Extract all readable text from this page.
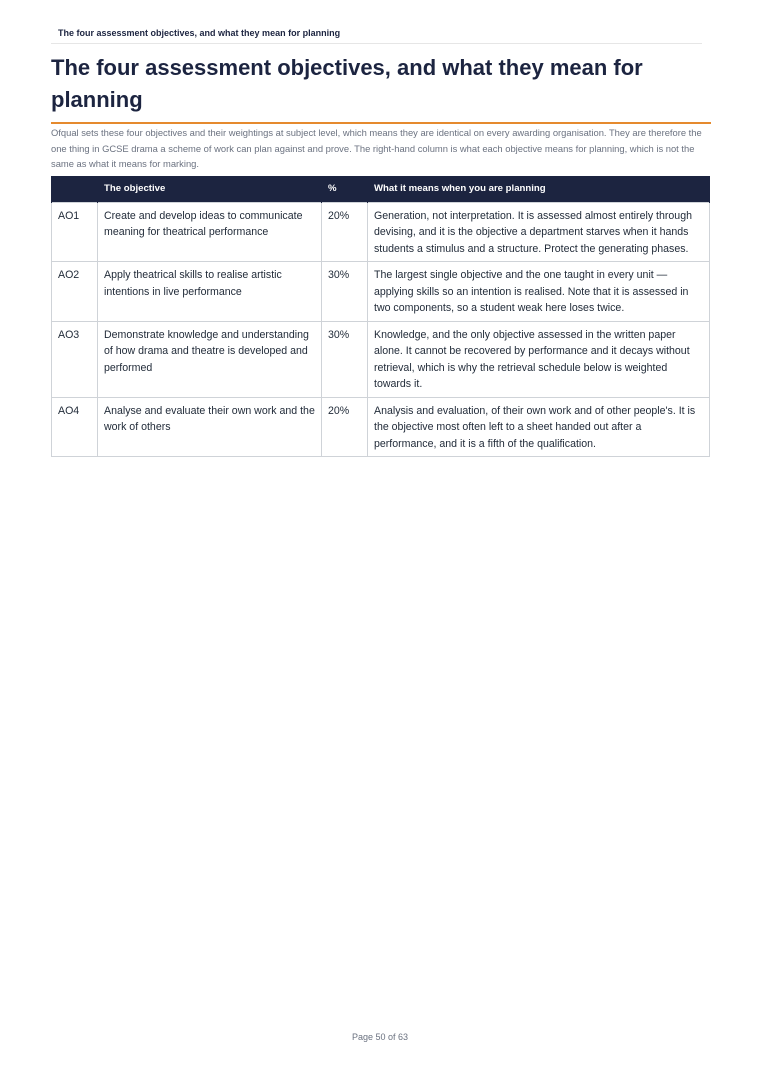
The four assessment objectives, and what they mean for planning
The four assessment objectives, and what they mean for planning

Ofqual sets these four objectives and their weightings at subject level, which means they are identical on every awarding organisation. They are therefore the one thing in GCSE drama a scheme of work can plan against and prove. The right-hand column is what each objective means for planning, which is not the same as what it means for marking.

	The objective	%	What it means when you are planning
AO1	Create and develop ideas to communicate meaning for theatrical performance	20%	Generation, not interpretation. It is assessed almost entirely through devising, and it is the objective a department starves when it hands students a stimulus and a structure. Protect the generating phases.
AO2	Apply theatrical skills to realise artistic intentions in live performance	30%	The largest single objective and the one taught in every unit — applying skills so an intention is realised. Note that it is assessed in two components, so a student weak here loses twice.
AO3	Demonstrate knowledge and understanding of how drama and theatre is developed and performed	30%	Knowledge, and the only objective assessed in the written paper alone. It cannot be recovered by performance and it decays without retrieval, which is why the retrieval schedule below is weighted towards it.
AO4	Analyse and evaluate their own work and the work of others	20%	Analysis and evaluation, of their own work and of other people's. It is the objective most often left to a sheet handed out after a performance, and it is a fifth of the qualification.
Page 50 of 63
